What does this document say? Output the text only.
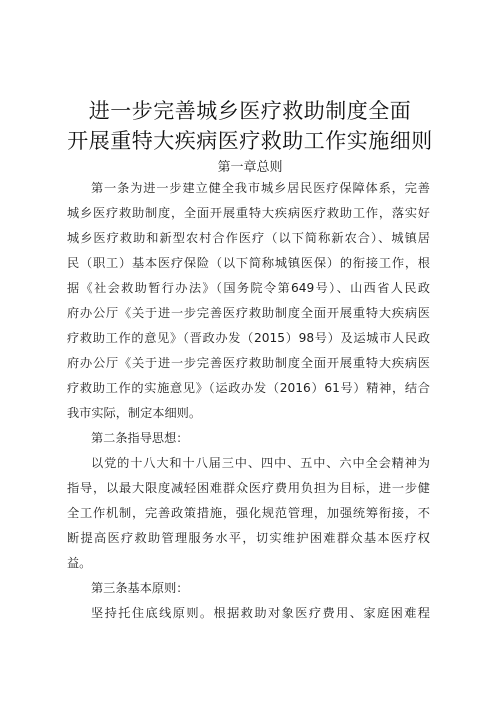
进一步完善城乡医疗救助制度全面
开展重特大疾病医疗救助工作实施细则
第一章总则
第一条为进一步建立健全我市城乡居民医疗保障体系，完善
城乡医疗救助制度，全面开展重特大疾病医疗救助工作，落实好
城乡医疗救助和新型农村合作医疗（以下简称新农合）、城镇居
民（职工）基本医疗保险（以下简称城镇医保）的衔接工作，根
据《社会救助暂行办法》（国务院令第649号）、山西省人民政
府办公厅《关于进一步完善医疗救助制度全面开展重特大疾病医
疗救助工作的意见》（晋政办发（2015）98号）及运城市人民政
府办公厅《关于进一步完善医疗救助制度全面开展重特大疾病医
疗救助工作的实施意见》（运政办发（2016）61号）精神，结合
我市实际，制定本细则。
第二条指导思想：
以党的十八大和十八届三中、四中、五中、六中全会精神为
指导，以最大限度减轻困难群众医疗费用负担为目标，进一步健
全工作机制，完善政策措施，强化规范管理，加强统筹衔接，不
断提高医疗救助管理服务水平，切实维护困难群众基本医疗权
益。
第三条基本原则：
坚持托住底线原则。根据救助对象医疗费用、家庭困难程
